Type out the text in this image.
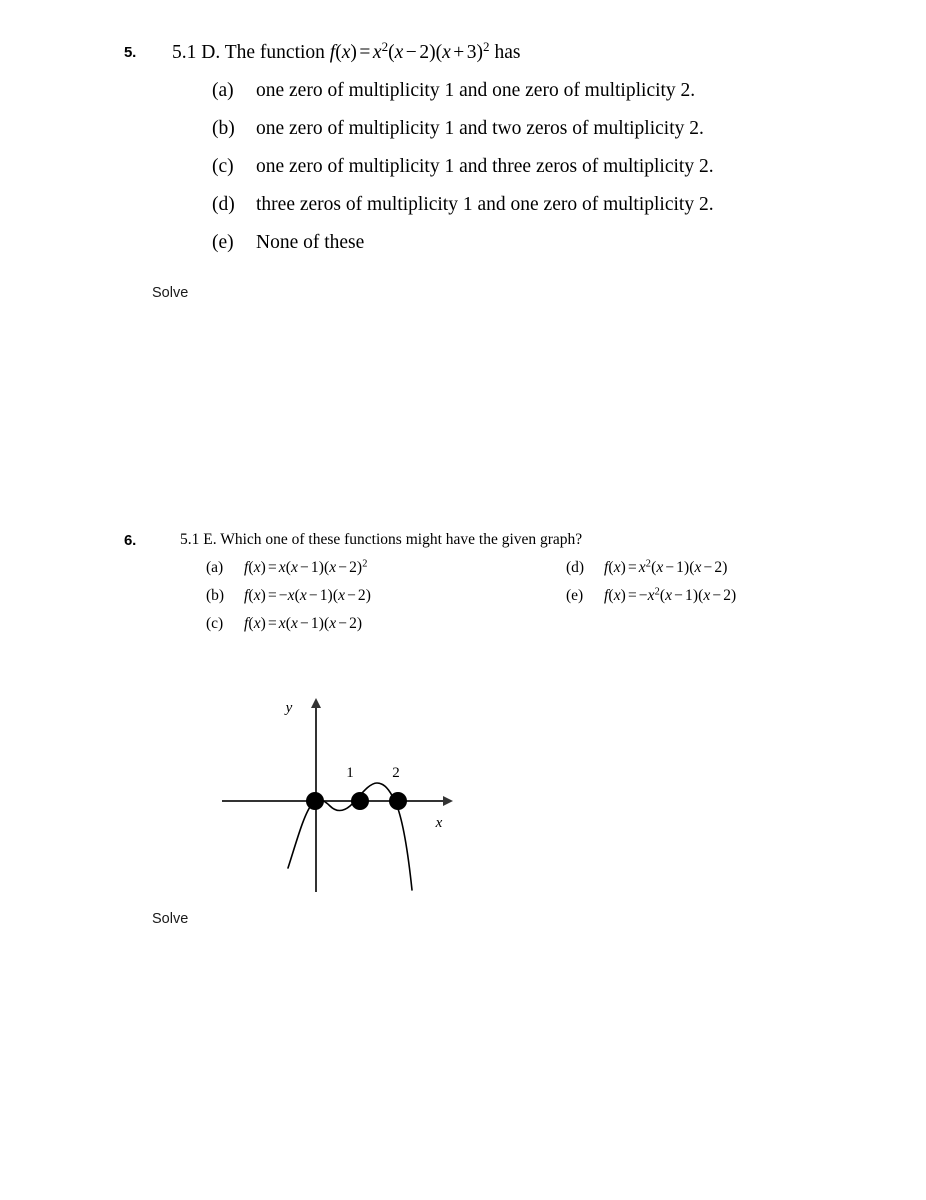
5. 5.1 D. The function $f(x) = x^2(x - 2)(x + 3)^2$ has
(a) one zero of multiplicity 1 and one zero of multiplicity 2.
(b) one zero of multiplicity 1 and two zeros of multiplicity 2.
(c) one zero of multiplicity 1 and three zeros of multiplicity 2.
(d) three zeros of multiplicity 1 and one zero of multiplicity 2.
(e) None of these
Solve
6.	5.1 E. Which one of these functions might have the given graph?
(a) $f(x) = x(x - 1)(x - 2)^2$
(b) f(x) = −x(x − 1)(x − 2)
(c) f(x) = x(x − 1)(x − 2)
(d) $f(x) = x^2(x - 1)(x - 2)$
(e) $f(x) = -x^2(x - 1)(x - 2)$
1	2
y
x
Solve
